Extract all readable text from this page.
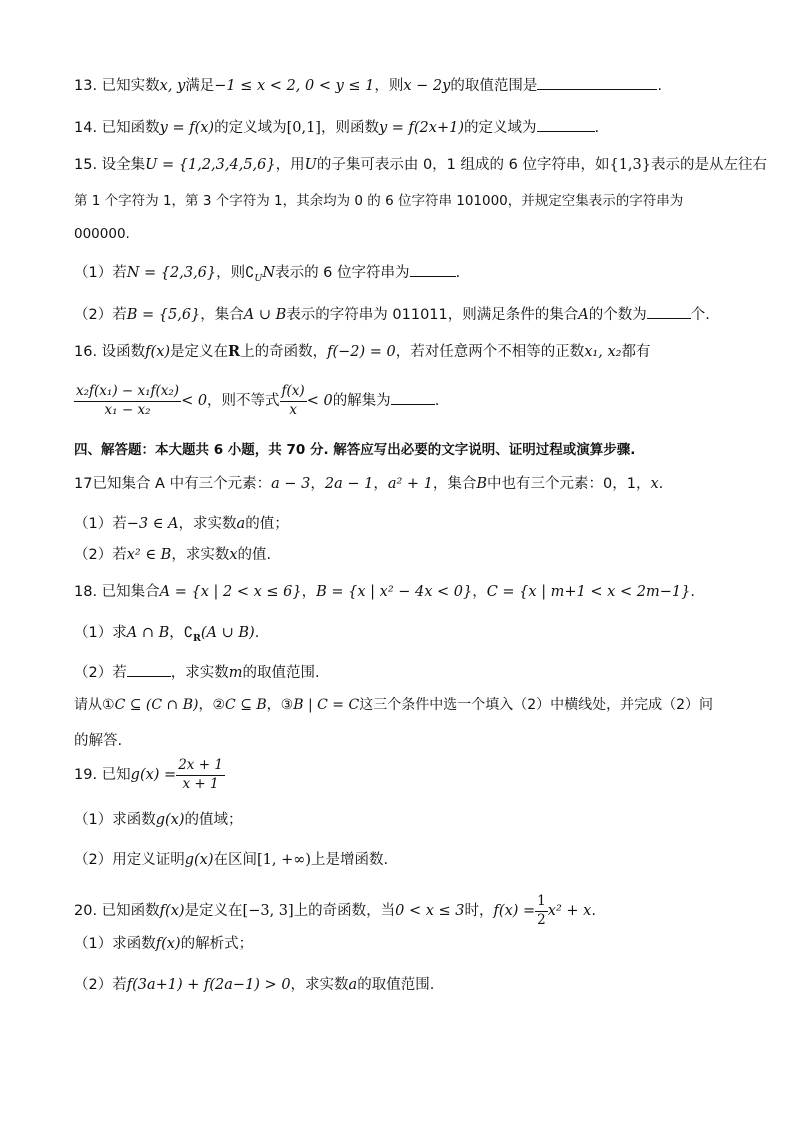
13. 已知实数x, y满足−1 ≤ x < 2, 0 < y ≤ 1，则x − 2y的取值范围是	.
14. 已知函数y = f(x)的定义域为[0,1]，则函数y = f(2x+1)的定义域为	.
15. 设全集U = {1,2,3,4,5,6}，用U的子集可表示由 0，1 组成的 6 位字符串，如{1,3}表示的是从左往右
第 1 个字符为 1，第 3 个字符为 1，其余均为 0 的 6 位字符串 101000，并规定空集表示的字符串为
000000.
（1）若N = {2,3,6}，则$∁_UN$表示的 6 位字符串为	.
（2）若B = {5,6}，集合A ∪ B表示的字符串为 011011，则满足条件的集合A的个数为	个.
16. 设函数f(x)是定义在R上的奇函数，f(−2) = 0，若对任意两个不相等的正数x₁, x₂都有
$\frac{\text{x₂f(x₁) − x₁f(x₂)}}{\text{x₁ − x₂}} < 0$，则不等式 $\frac{f(x)}{x} < 0$的解集为	.
四、解答题：本大题共 6 小题，共 70 分. 解答应写出必要的文字说明、证明过程或演算步骤.
17已知集合 A 中有三个元素：a − 3，2a − 1，a² + 1，集合B中也有三个元素：0，1，x.
（1）若−3 ∈ A，求实数a的值；
（2）若x² ∈ B，求实数x的值.
18. 已知集合A = {x | 2 < x ≤ 6}，B = {x | x² − 4x < 0}，C = {x | m+1 < x < 2m−1}.
（1）求A ∩ B，$∁_R(A$ ∪ B).
（2）若	，求实数m的取值范围.
请从①C ⊆ (C ∩ B)，②C ⊆ B，③B | C = C这三个条件中选一个填入（2）中横线处，并完成（2）问
的解答.
19. 已知$g(x) = \frac{2x + 1}{x + 1}$
（1）求函数g(x)的值域；
（2）用定义证明g(x)在区间[1, +∞)上是增函数.
20. 已知函数f(x)是定义在[−3, 3]上的奇函数，当0 < x ≤ 3时，$f(x) = \frac{1}{2} x^2 + x$.
（1）求函数f(x)的解析式；
（2）若f(3a+1) + f(2a−1) > 0，求实数a的取值范围.
